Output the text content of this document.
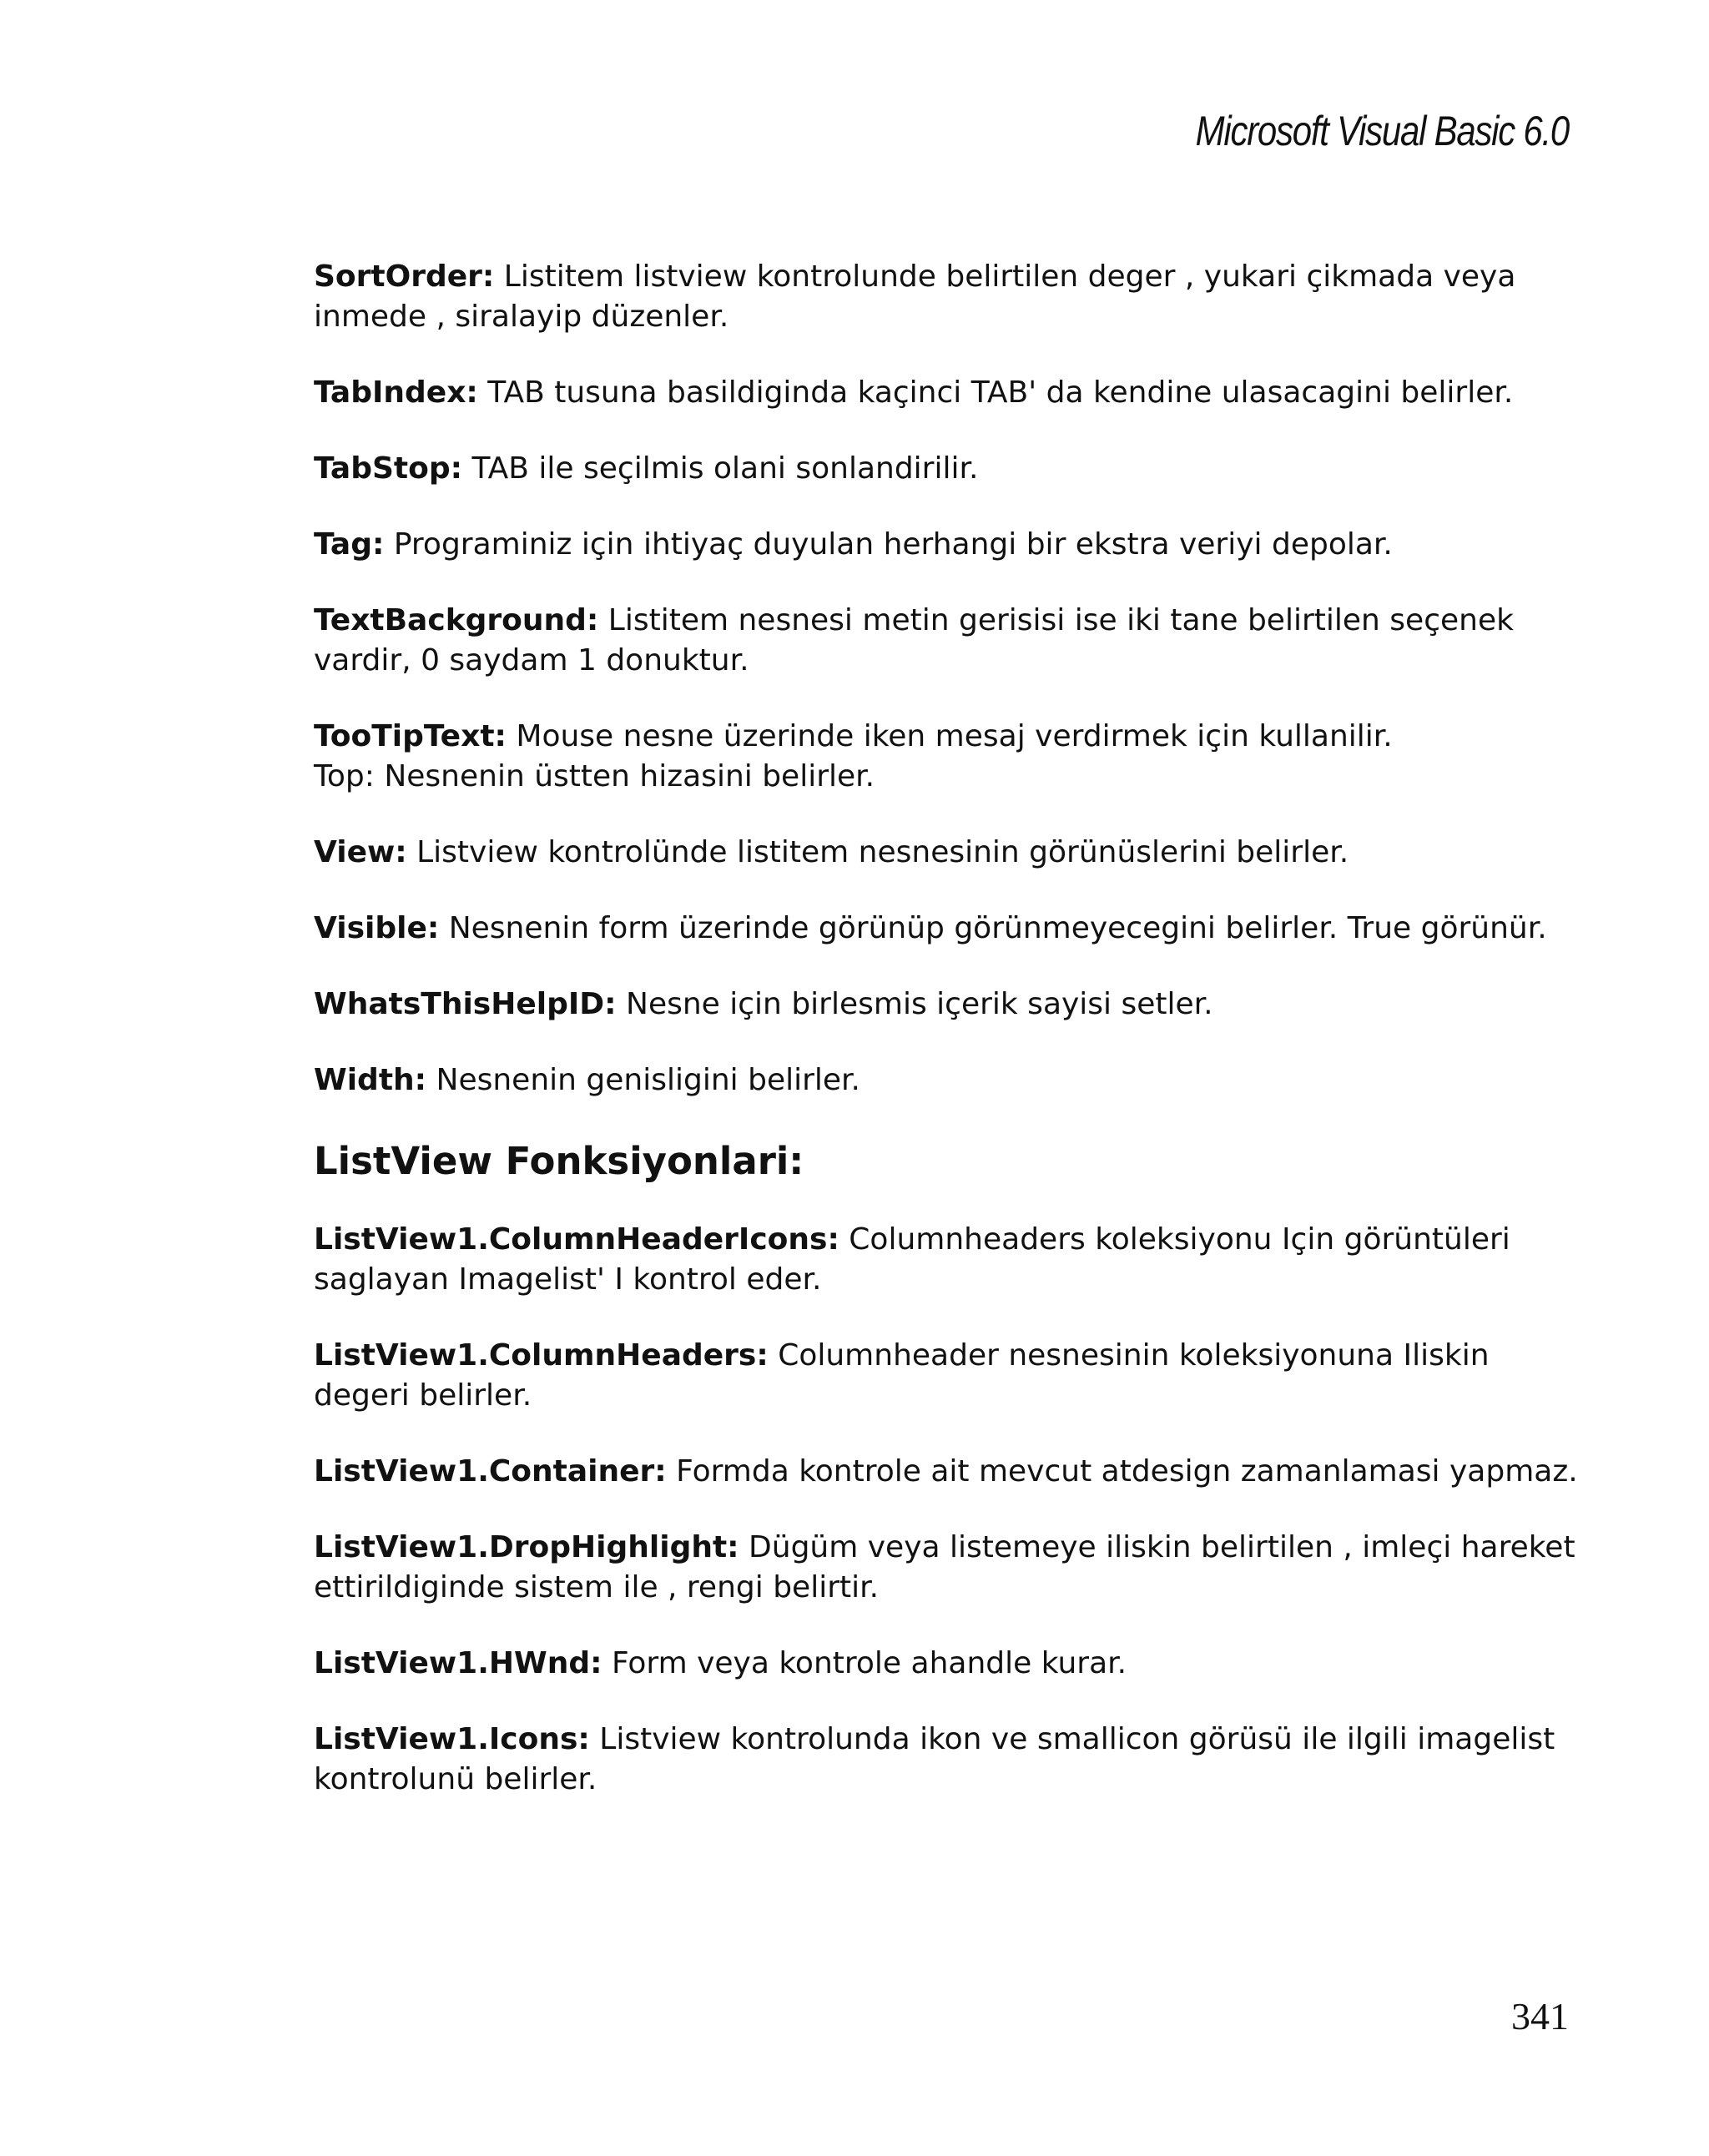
Microsoft Visual Basic 6.0

SortOrder: Listitem listview kontrolunde belirtilen deger , yukari çikmada veya inmede , siralayip düzenler.

TabIndex: TAB tusuna basildiginda kaçinci TAB' da kendine ulasacagini belirler.

TabStop: TAB ile seçilmis olani sonlandirilir.

Tag: Programiniz için ihtiyaç duyulan herhangi bir ekstra veriyi depolar.

TextBackground: Listitem nesnesi metin gerisisi ise iki tane belirtilen seçenek vardir, 0 saydam 1 donuktur.

TooTipText: Mouse nesne üzerinde iken mesaj verdirmek için kullanilir.
Top: Nesnenin üstten hizasini belirler.

View: Listview kontrolünde listitem nesnesinin görünüslerini belirler.

Visible: Nesnenin form üzerinde görünüp görünmeyecegini belirler. True görünür.

WhatsThisHelpID: Nesne için birlesmis içerik sayisi setler.

Width: Nesnenin genisligini belirler.

ListView Fonksiyonlari:

ListView1.ColumnHeaderIcons: Columnheaders koleksiyonu Için görüntüleri saglayan Imagelist' I kontrol eder.

ListView1.ColumnHeaders: Columnheader nesnesinin koleksiyonuna Iliskin degeri belirler.

ListView1.Container: Formda kontrole ait mevcut atdesign zamanlamasi yapmaz.

ListView1.DropHighlight: Dügüm veya listemeye iliskin belirtilen , imleçi hareket ettirildiginde sistem ile , rengi belirtir.

ListView1.HWnd: Form veya kontrole ahandle kurar.

ListView1.Icons: Listview kontrolunda ikon ve smallicon görüsü ile ilgili imagelist kontrolunü belirler.

341
